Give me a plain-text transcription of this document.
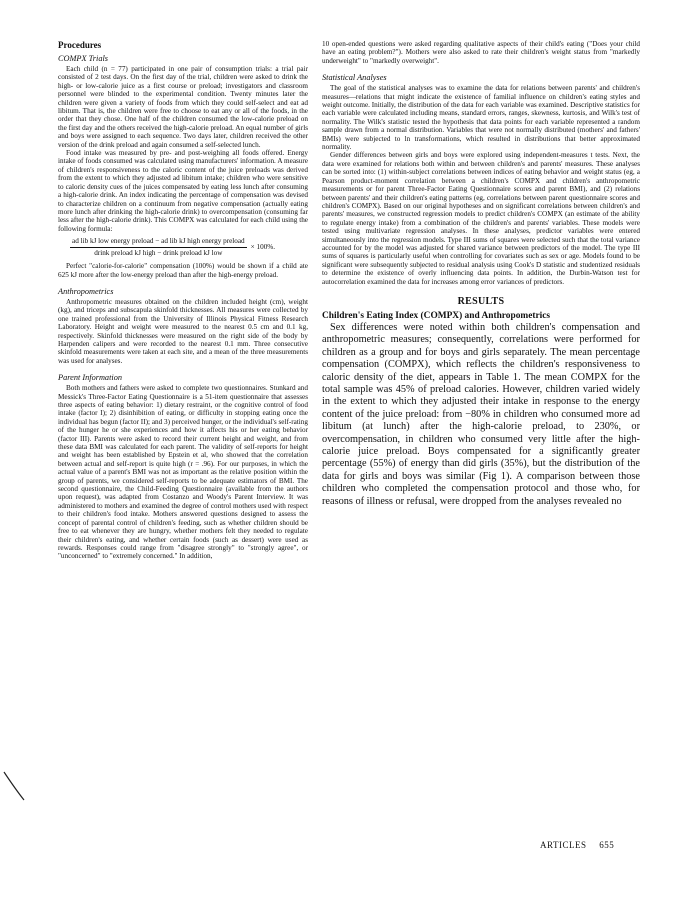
Procedures
COMPX Trials

Each child (n = 77) participated in one pair of consumption trials: a trial pair consisted of 2 test days. On the first day of the trial, children were asked to drink the high- or low-calorie juice as a first course or preload; investigators and classroom personnel were blinded to the experimental condition. Twenty minutes later the children were given a variety of foods from which they could self-select and eat ad libitum. That is, the children were free to choose to eat any or all of the foods, in the order that they chose. One half of the children consumed the low-calorie preload on the first day and the others received the high-calorie preload. An equal number of girls and boys were assigned to each sequence. Two days later, children received the other version of the drink preload and again consumed a self-selected lunch.

Food intake was measured by pre- and post-weighing all foods offered. Energy intake of foods consumed was calculated using manufacturers' information. A measure of children's responsiveness to the caloric content of the juice preloads was derived from the extent to which they adjusted ad libitum intake; children who were sensitive to caloric density cues of the juices compensated by eating less lunch after consuming a high-calorie drink. An index indicating the percentage of compensation was devised to characterize children on a continuum from negative compensation (actually eating more lunch after drinking the high-calorie drink) to overcompensation (consuming far less after the high-calorie drink). This COMPX was calculated for each child using the following formula:

$\frac{\text{ad lib kJ low energy preload − ad lib kJ high energy preload}}{\text{drink preload kJ high − drink preload kJ low}} \times 100\%$.

Perfect "calorie-for-calorie" compensation (100%) would be shown if a child ate 625 kJ more after the low-energy preload than after the high-energy preload.

Anthropometrics

Anthropometric measures obtained on the children included height (cm), weight (kg), and triceps and subscapula skinfold thicknesses. All measures were collected by one trained professional from the University of Illinois Physical Fitness Research Laboratory. Height and weight were measured to the nearest 0.5 cm and 0.1 kg, respectively. Skinfold thicknesses were measured on the right side of the body by Harpenden calipers and were recorded to the nearest 0.1 mm. Three consecutive skinfold measurements were taken at each site, and a mean of the three measurements was used for analyses.

Parent Information

Both mothers and fathers were asked to complete two questionnaires. Stunkard and Messick's Three-Factor Eating Questionnaire is a 51-item questionnaire that assesses three aspects of eating behavior: 1) dietary restraint, or the cognitive control of food intake (factor I); 2) disinhibition of eating, or difficulty in stopping eating once the individual has begun (factor II); and 3) perceived hunger, or the individual's self-rating of the hunger he or she experiences and how it affects his or her eating behavior (factor III). Parents were asked to record their current height and weight, and from these data BMI was calculated for each parent. The validity of self-reports for height and weight has been established by Epstein et al, who showed that the correlation between actual and self-report is quite high (r = .96). For our purposes, in which the actual value of a parent's BMI was not as important as the relative position within the group of parents, we considered self-reports to be adequate estimators of BMI. The second questionnaire, the Child-Feeding Questionnaire (available from the authors upon request), was adapted from Costanzo and Woody's Parent Interview. It was administered to mothers and examined the degree of control mothers used with respect to their children's food intake. Mothers answered questions designed to assess the concept of parental control of children's feeding, such as whether children should be free to eat whenever they are hungry, whether mothers felt they needed to regulate their children's eating, and whether certain foods (such as dessert) were used as rewards. Responses could range from "disagree strongly" to "strongly agree", or "unconcerned" to "extremely concerned." In addition,

10 open-ended questions were asked regarding qualitative aspects of their child's eating ("Does your child have an eating problem?"). Mothers were also asked to rate their children's weight status from "markedly underweight" to "markedly overweight".

Statistical Analyses

The goal of the statistical analyses was to examine the data for relations between parents' and children's measures—relations that might indicate the existence of familial influence on children's eating styles and weight outcome. Initially, the distribution of the data for each variable was examined. Descriptive statistics for each variable were calculated including means, standard errors, ranges, skewness, kurtosis, and Wilk's test of normality. The Wilk's statistic tested the hypothesis that data points for each variable represented a random sample drawn from a normal distribution. Variables that were not normally distributed (mothers' and fathers' BMIs) were subjected to ln transformations, which resulted in distributions that better approximated normality.

Gender differences between girls and boys were explored using independent-measures t tests. Next, the data were examined for relations both within and between children's and parents' measures. These analyses can be sorted into: (1) within-subject correlations between indices of eating behavior and weight status (eg, a Pearson product-moment correlation between a children's COMPX and children's anthropometric measurements or for parent Three-Factor Eating Questionnaire scores and parent BMI), and (2) relations between parents' and their children's eating patterns (eg, correlations between parent questionnaire scores and children's COMPX). Based on our original hypotheses and on significant correlations between children's and parents' measures, we constructed regression models to predict children's COMPX (an estimate of the ability to regulate energy intake) from a combination of the children's and parents' variables. These models were tested using multivariate regression analyses. In these analyses, predictor variables were entered simultaneously into the regression models. Type III sums of squares were selected such that the total variance accounted for by the model was adjusted for shared variance between predictors of the model. The type III sums of squares is particularly useful when controlling for covariates such as sex or age. Models found to be significant were subsequently subjected to residual analysis using Cook's D statistic and studentized residuals to determine the existence of overly influencing data points. In addition, the Durbin-Watson test for autocorrelation examined the data for increases among error variances of predictors.

RESULTS
Children's Eating Index (COMPX) and Anthropometrics

Sex differences were noted within both children's compensation and anthropometric measures; consequently, correlations were performed for children as a group and for boys and girls separately. The mean percentage compensation (COMPX), which reflects the children's responsiveness to caloric density of the diet, appears in Table 1. The mean COMPX for the total sample was 45% of preload calories. However, children varied widely in the extent to which they adjusted their intake in response to the energy content of the juice preload: from −80% in children who consumed more ad libitum (at lunch) after the high-calorie preload, to 230%, or overcompensation, in children who consumed very little after the high-calorie juice preload. Boys compensated for a significantly greater percentage (55%) of energy than did girls (35%), but the distribution of the data for girls and boys was similar (Fig 1). A comparison between those children who completed the compensation protocol and those who, for reasons of illness or refusal, were dropped from the analyses revealed no

ARTICLES 655
